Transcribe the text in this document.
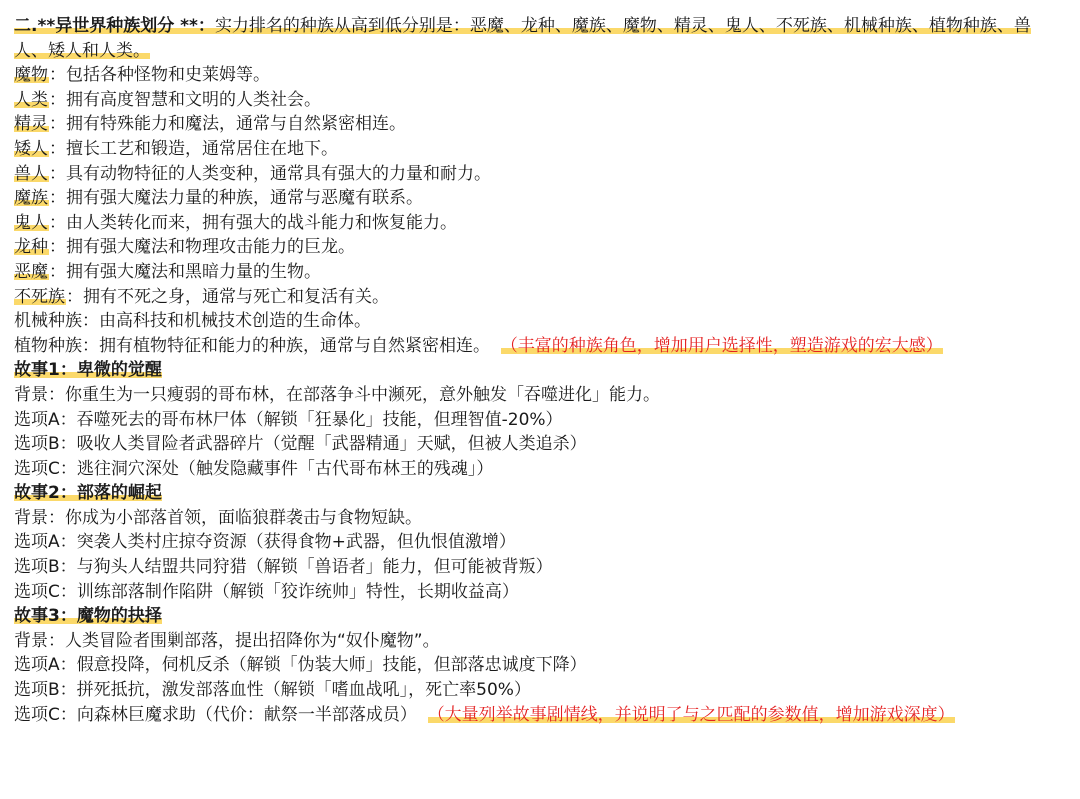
二.**异世界种族划分 **：实力排名的种族从高到低分别是：恶魔、龙种、魔族、魔物、精灵、鬼人、不死族、机械种族、植物种族、兽人、矮人和人类。
魔物：包括各种怪物和史莱姆等。
人类：拥有高度智慧和文明的人类社会。
精灵：拥有特殊能力和魔法，通常与自然紧密相连。
矮人：擅长工艺和锻造，通常居住在地下。
兽人：具有动物特征的人类变种，通常具有强大的力量和耐力。
魔族：拥有强大魔法力量的种族，通常与恶魔有联系。
鬼人：由人类转化而来，拥有强大的战斗能力和恢复能力。
龙种：拥有强大魔法和物理攻击能力的巨龙。
恶魔：拥有强大魔法和黑暗力量的生物。
不死族：拥有不死之身，通常与死亡和复活有关。
机械种族：由高科技和机械技术创造的生命体。
植物种族：拥有植物特征和能力的种族，通常与自然紧密相连。 （丰富的种族角色，增加用户选择性，塑造游戏的宏大感）
故事1：卑微的觉醒
背景：你重生为一只瘦弱的哥布林，在部落争斗中濒死，意外触发「吞噬进化」能力。
选项A：吞噬死去的哥布林尸体（解锁「狂暴化」技能，但理智值-20%）
选项B：吸收人类冒险者武器碎片（觉醒「武器精通」天赋，但被人类追杀）
选项C：逃往洞穴深处（触发隐藏事件「古代哥布林王的残魂」）
故事2：部落的崛起
背景：你成为小部落首领，面临狼群袭击与食物短缺。
选项A：突袭人类村庄掠夺资源（获得食物+武器，但仇恨值激增）
选项B：与狗头人结盟共同狩猎（解锁「兽语者」能力，但可能被背叛）
选项C：训练部落制作陷阱（解锁「狡诈统帅」特性，长期收益高）
故事3：魔物的抉择
背景：人类冒险者围剿部落，提出招降你为“奴仆魔物”。
选项A：假意投降，伺机反杀（解锁「伪装大师」技能，但部落忠诚度下降）
选项B：拼死抵抗，激发部落血性（解锁「嗜血战吼」，死亡率50%）
选项C：向森林巨魔求助（代价：献祭一半部落成员） （大量列举故事剧情线，并说明了与之匹配的参数值，增加游戏深度）
